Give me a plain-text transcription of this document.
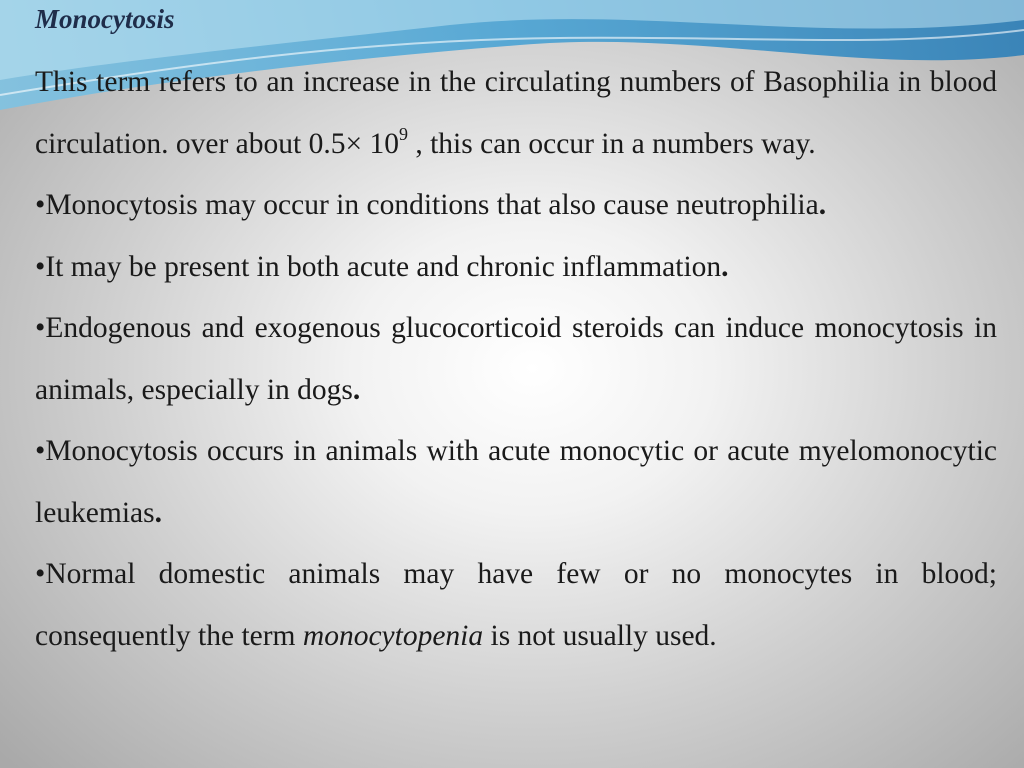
Monocytosis

This term refers to an increase in the circulating numbers of Basophilia in blood circulation. over about $0.5\times 10^9$ , this can occur in a numbers way.

•Monocytosis may occur in conditions that also cause neutrophilia.

•It may be present in both acute and chronic inflammation.

•Endogenous and exogenous glucocorticoid steroids can induce monocytosis in animals, especially in dogs.

•Monocytosis occurs in animals with acute monocytic or acute myelomonocytic leukemias.

•Normal domestic animals may have few or no monocytes in blood; consequently the term monocytopenia is not usually used.
